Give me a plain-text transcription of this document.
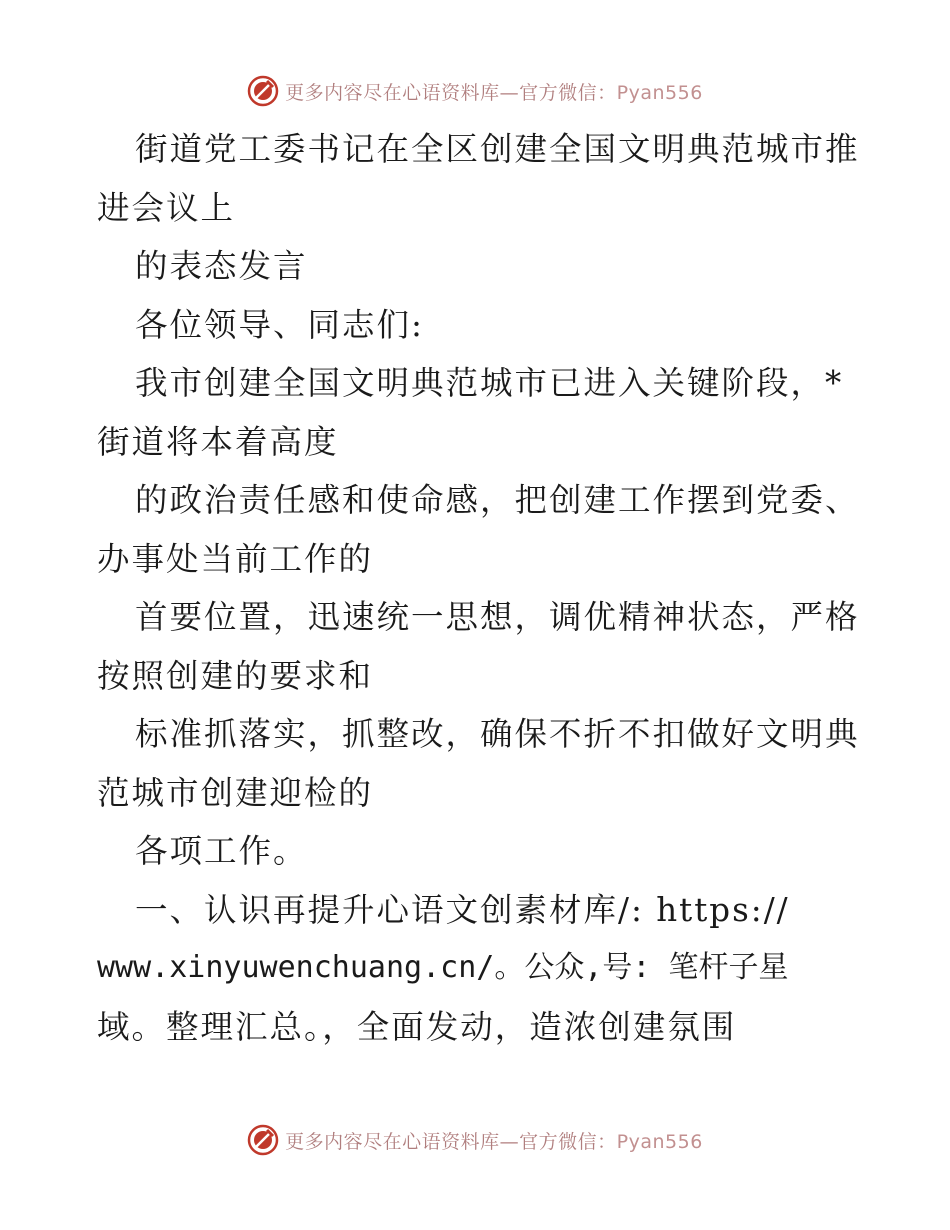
更多内容尽在心语资料库—官方微信：Pyan556
街道党工委书记在全区创建全国文明典范城市推
进会议上
的表态发言
各位领导、同志们:
我市创建全国文明典范城市已进入关键阶段，*
街道将本着高度
的政治责任感和使命感，把创建工作摆到党委、
办事处当前工作的
首要位置，迅速统一思想，调优精神状态，严格
按照创建的要求和
标准抓落实，抓整改，确保不折不扣做好文明典
范城市创建迎检的
各项工作。
一、认识再提升心语文创素材库/: https://
www.xinyuwenchuang.cn/。公众,号: 笔杆子星
域。整理汇总。，全面发动，造浓创建氛围
更多内容尽在心语资料库—官方微信：Pyan556
